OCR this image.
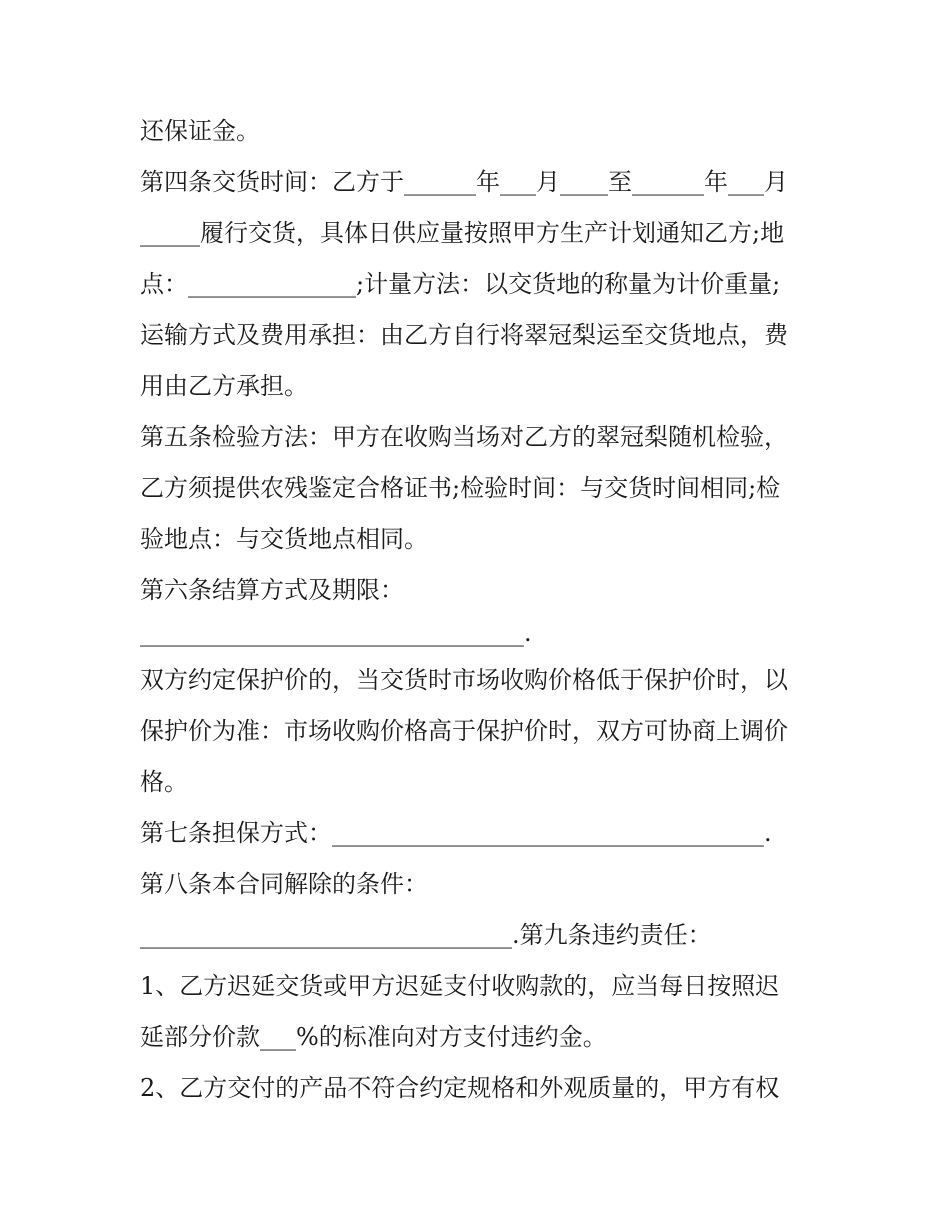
还保证金。

第四条交货时间：乙方于______年___月____至______年___月

_____履行交货，具体日供应量按照甲方生产计划通知乙方;地

点：______________;计量方法：以交货地的称量为计价重量;

运输方式及费用承担：由乙方自行将翠冠梨运至交货地点，费

用由乙方承担。

第五条检验方法：甲方在收购当场对乙方的翠冠梨随机检验，

乙方须提供农残鉴定合格证书;检验时间：与交货时间相同;检

验地点：与交货地点相同。

第六条结算方式及期限：

________________________________.

双方约定保护价的，当交货时市场收购价格低于保护价时，以

保护价为准：市场收购价格高于保护价时，双方可协商上调价

格。

第七条担保方式：____________________________________.

第八条本合同解除的条件：

_______________________________.第九条违约责任：

1、乙方迟延交货或甲方迟延支付收购款的，应当每日按照迟

延部分价款___%的标准向对方支付违约金。

2、乙方交付的产品不符合约定规格和外观质量的，甲方有权
